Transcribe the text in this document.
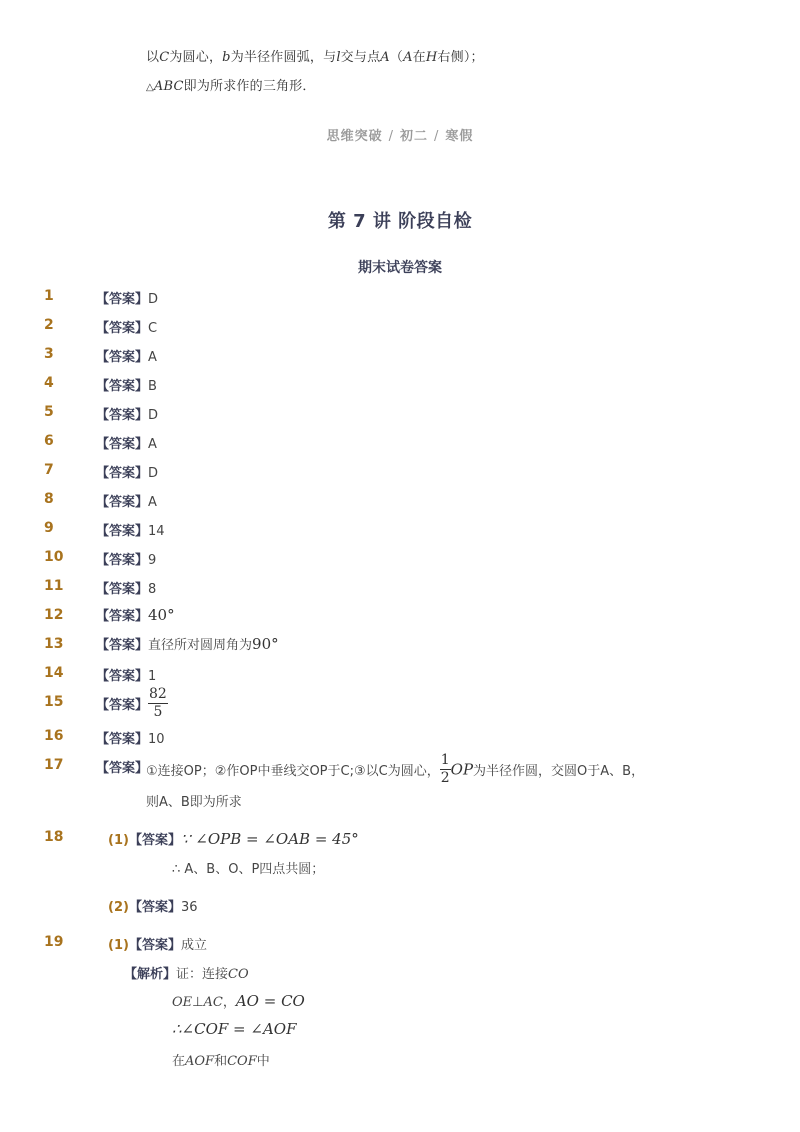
以C为圆心，b为半径作圆弧，与l交与点A（A在H右侧）；
△ABC即为所求作的三角形．
思维突破 / 初二 / 寒假
第 7 讲 阶段自检
期末试卷答案
1	【答案】D
2	【答案】C
3	【答案】A
4	【答案】B
5	【答案】D
6	【答案】A
7	【答案】D
8	【答案】A
9	【答案】14
10	【答案】9
11	【答案】8
12	【答案】40°
13	【答案】直径所对圆周角为90°
14	【答案】1
15	【答案】 $\frac{82}{5}$
16	【答案】10
17	【答案】
①连接OP；②作OP中垂线交OP于C;③以C为圆心， $\frac{1}{2}$ OP为半径作圆，交圆O于A、B，
则A、B即为所求
18	(1)【答案】∵ ∠OPB = ∠OAB = 45°
∴ A、B、O、P四点共圆；
(2)【答案】36
19	(1)【答案】成立
【解析】证：连接CO
OE⊥AC，AO = CO
∴∠COF = ∠AOF
在AOF和COF中
